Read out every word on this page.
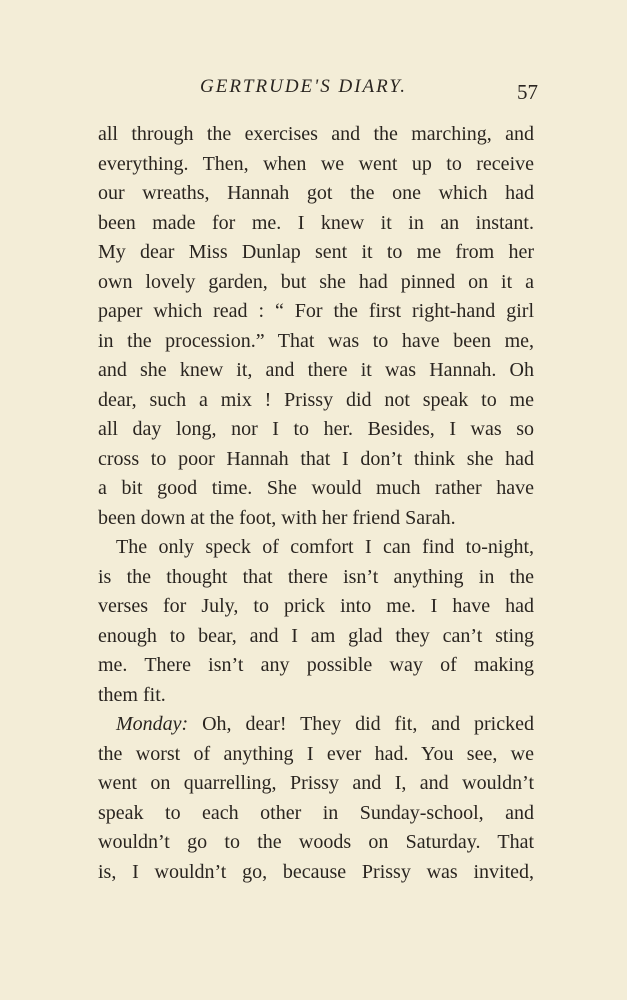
GERTRUDE'S DIARY.	57
all through the exercises and the marching, and
everything. Then, when we went up to receive
our wreaths, Hannah got the one which had
been made for me. I knew it in an instant.
My dear Miss Dunlap sent it to me from her
own lovely garden, but she had pinned on it a
paper which read : “ For the first right-hand girl
in the procession.” That was to have been me,
and she knew it, and there it was Hannah. Oh
dear, such a mix ! Prissy did not speak to me
all day long, nor I to her. Besides, I was so
cross to poor Hannah that I don’t think she had
a bit good time. She would much rather have
been down at the foot, with her friend Sarah.
The only speck of comfort I can find to-night,
is the thought that there isn’t anything in the
verses for July, to prick into me. I have had
enough to bear, and I am glad they can’t sting
me. There isn’t any possible way of making
them fit.
Monday: Oh, dear! They did fit, and pricked
the worst of anything I ever had. You see, we
went on quarrelling, Prissy and I, and wouldn’t
speak to each other in Sunday-school, and
wouldn’t go to the woods on Saturday. That
is, I wouldn’t go, because Prissy was invited,
